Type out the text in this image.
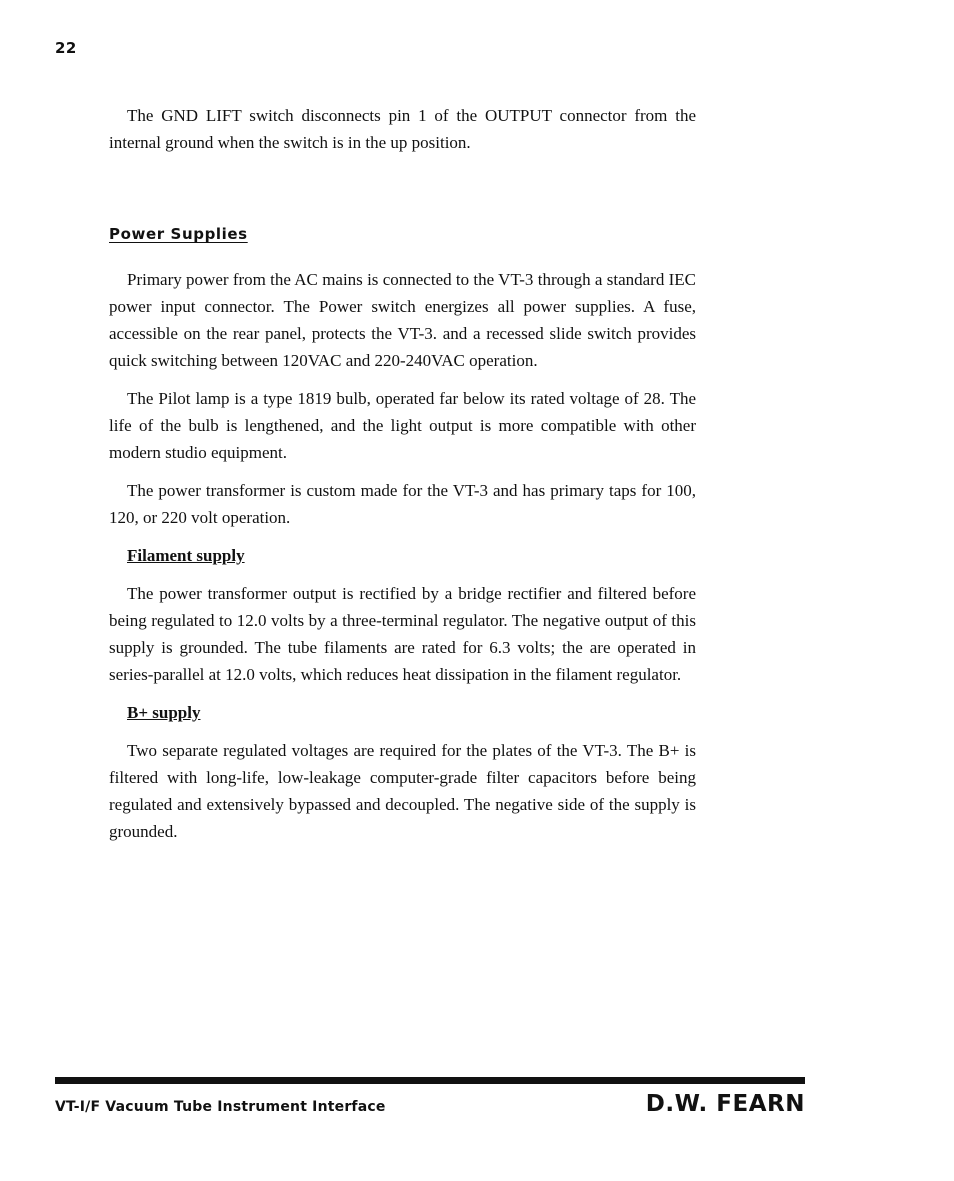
22

The GND LIFT switch disconnects pin 1 of the OUTPUT connector from the internal ground when the switch is in the up position.

Power Supplies

Primary power from the AC mains is connected to the VT-3 through a standard IEC power input connector. The Power switch energizes all power supplies. A fuse, accessible on the rear panel, protects the VT-3. and a recessed slide switch provides quick switching between 120VAC and 220-240VAC operation.

The Pilot lamp is a type 1819 bulb, operated far below its rated voltage of 28. The life of the bulb is lengthened, and the light output is more compatible with other modern studio equipment.

The power transformer is custom made for the VT-3 and has primary taps for 100, 120, or 220 volt operation.

Filament supply

The power transformer output is rectified by a bridge rectifier and filtered before being regulated to 12.0 volts by a three-terminal regulator. The negative output of this supply is grounded. The tube filaments are rated for 6.3 volts; the are operated in series-parallel at 12.0 volts, which reduces heat dissipation in the filament regulator.

B+ supply

Two separate regulated voltages are required for the plates of the VT-3. The B+ is filtered with long-life, low-leakage computer-grade filter capacitors before being regulated and extensively bypassed and decoupled. The negative side of the supply is grounded.

VT-I/F Vacuum Tube Instrument Interface	D.W. FEARN
